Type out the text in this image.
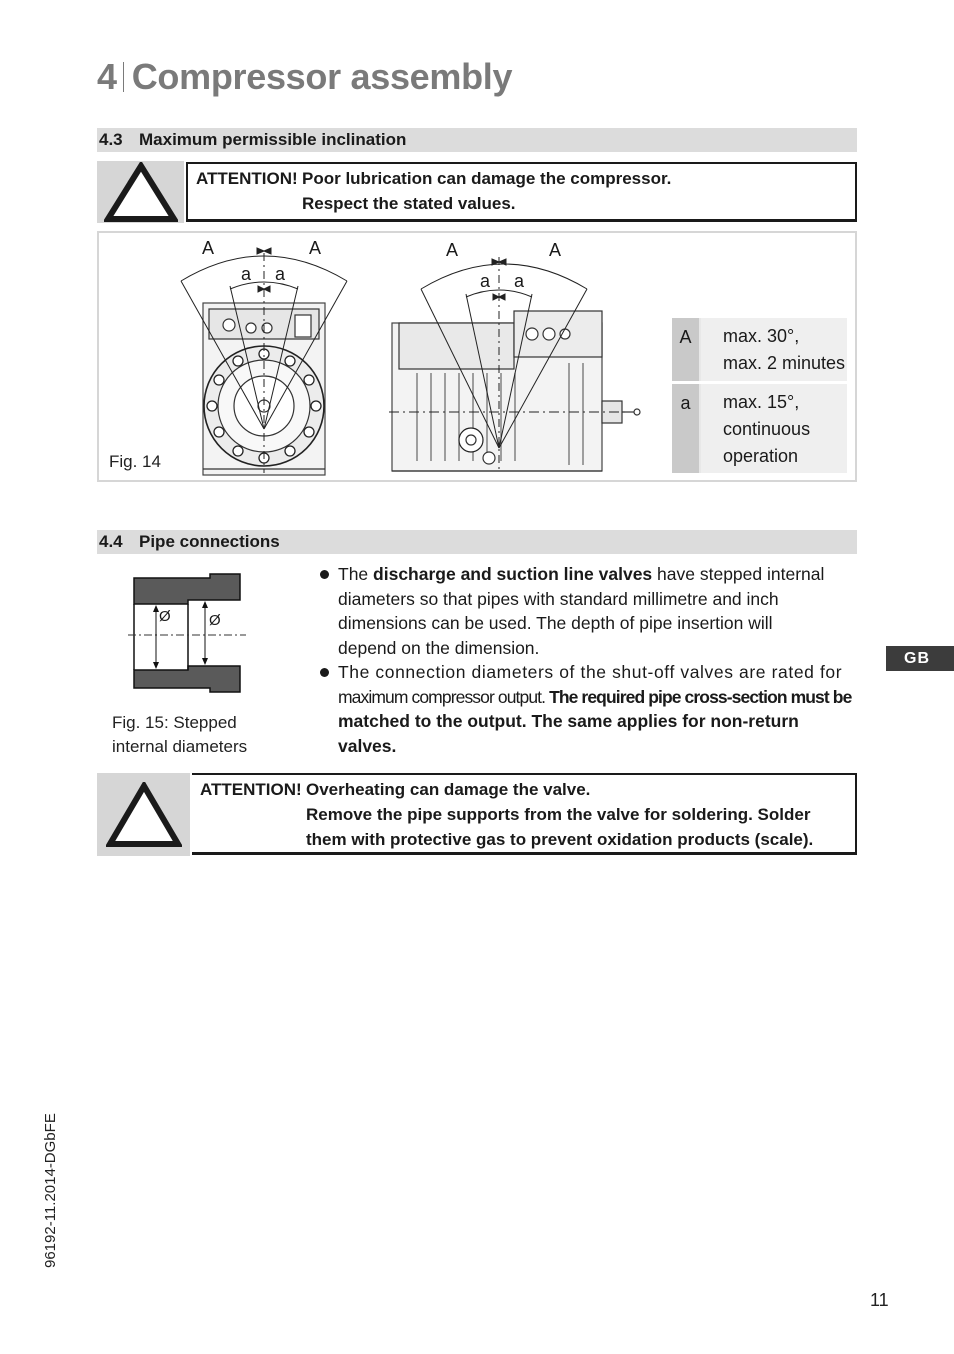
4 Compressor assembly
4.3 Maximum permissible inclination
ATTENTION! Poor lubrication can damage the compressor.
Respect the stated values.
A	A
a a
A	A
a a
Fig. 14
A	max. 30°,
max. 2 minutes
a	max. 15°,
continuous
operation
4.4 Pipe connections
Ø	Ø
Fig. 15: Stepped
internal diameters
The discharge and suction line valves have stepped internal
diameters so that pipes with standard millimetre and inch
dimensions can be used. The depth of pipe insertion will
depend on the dimension.
The connection diameters of the shut-off valves are rated for
maximum compressor output. The required pipe cross-section must be
matched to the output. The same applies for non-return valves.
ATTENTION! Overheating can damage the valve.
Remove the pipe supports from the valve for soldering. Solder
them with protective gas to prevent oxidation products (scale).
GB
96192-11.2014-DGbFE
11
